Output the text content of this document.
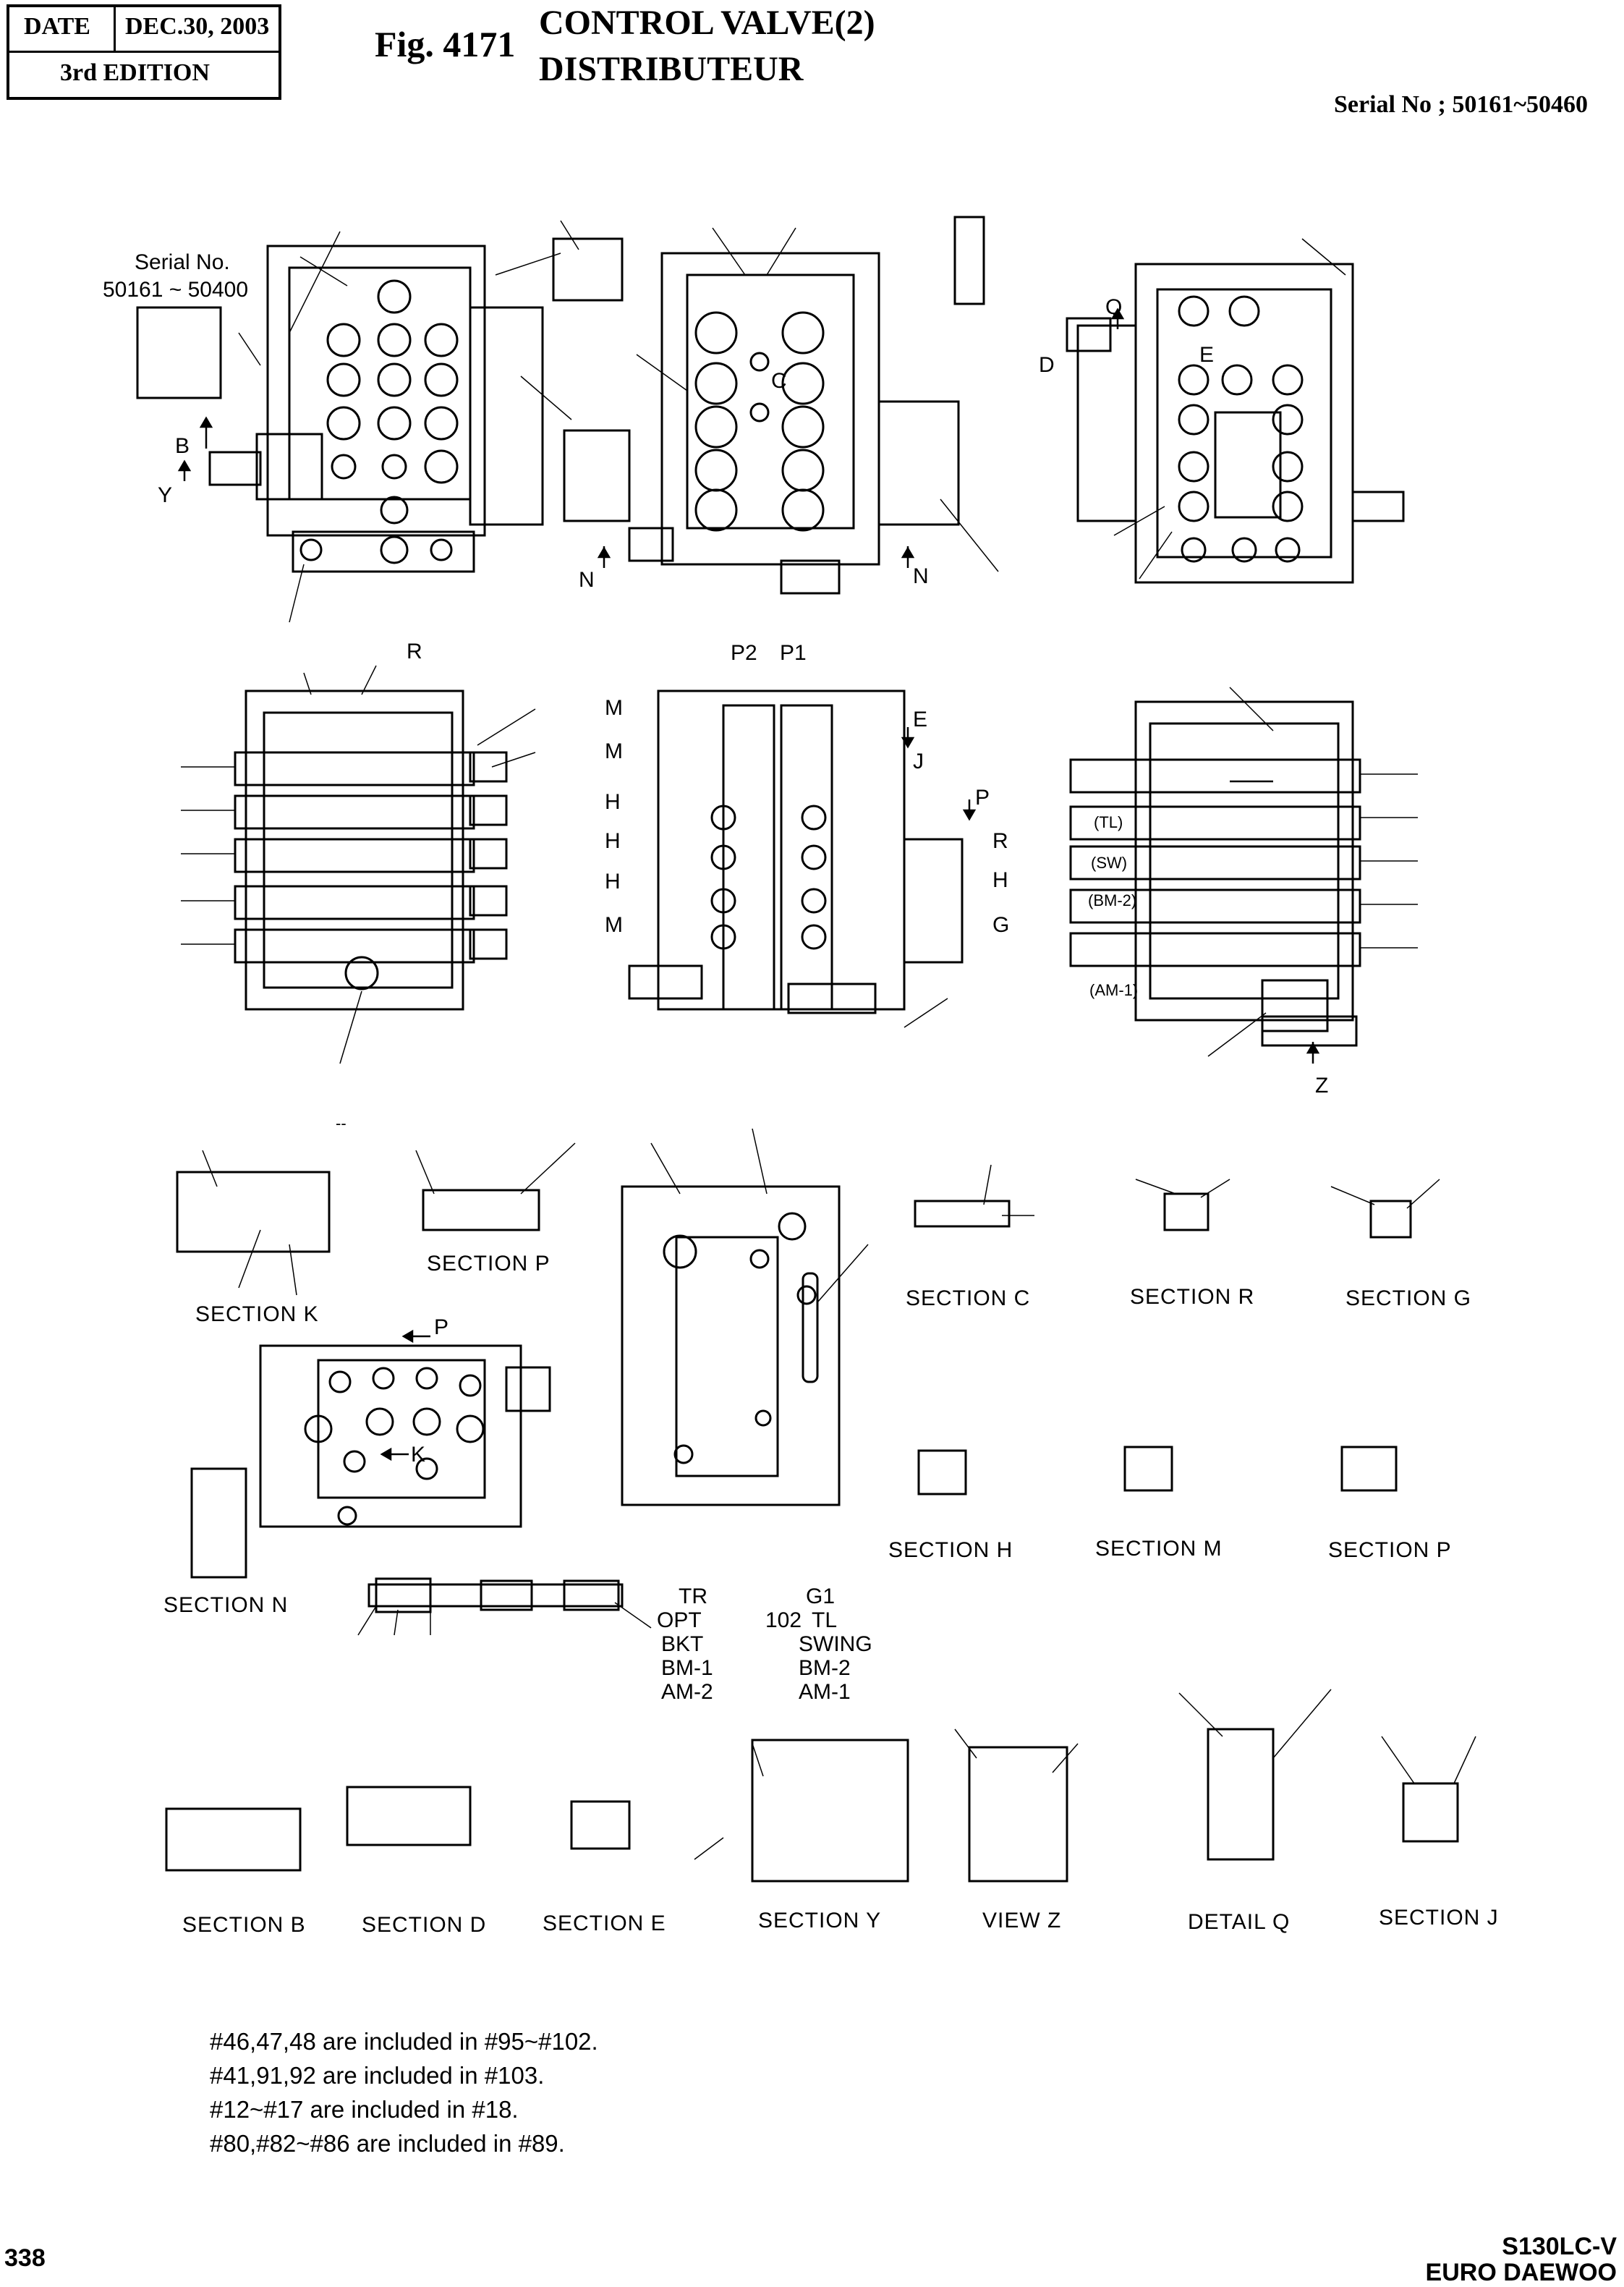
DATE DEC.30, 2003
3rd EDITION
Fig. 4171
CONTROL VALVE(2)
DISTRIBUTEUR
Serial No ; 50161~50460
Serial No.
50161 ~ 50400
B
Y
C
N	N
Q
D	E
R	P2 P1
M
M
H
H
H
M
E
J
P
R
H
G
(TL)
(SW)
(BM-2)
(AM-1)
Z
--
P
K
SECTION K
SECTION P
SECTION C	SECTION R	SECTION G
SECTION N
SECTION H	SECTION M	SECTION P
TR
OPT
BKT
BM-1
AM-2
102
G1
TL
SWING
BM-2
AM-1
SECTION B	SECTION D	SECTION E	SECTION Y	VIEW Z	DETAIL Q	SECTION J
#46,47,48 are included in #95~#102.
#41,91,92 are included in #103.
#12~#17 are included in #18.
#80,#82~#86 are included in #89.
338	S130LC-V
EURO DAEWOO
